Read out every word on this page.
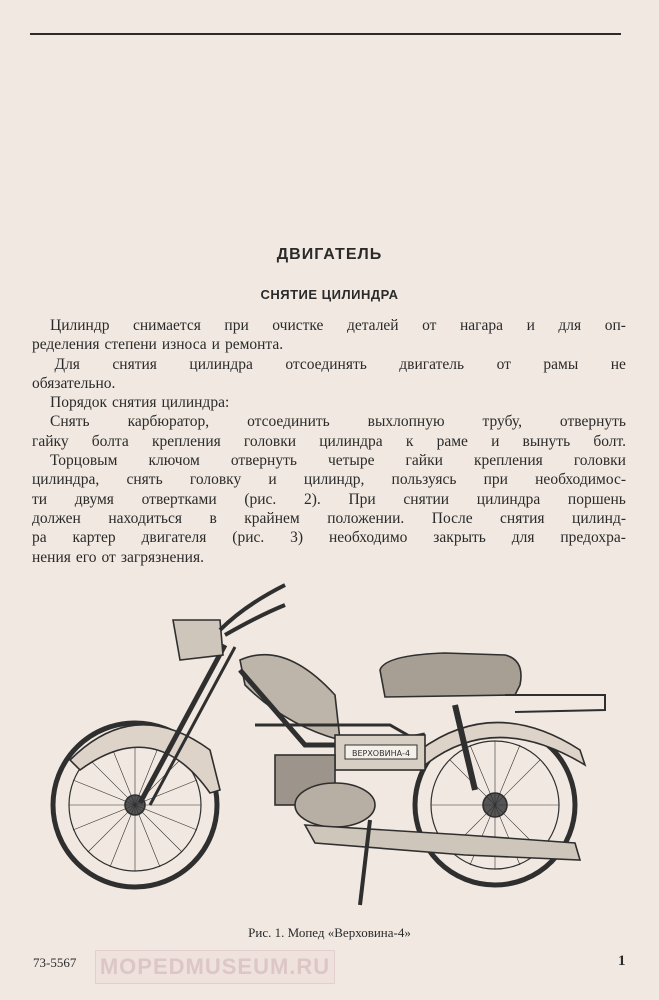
ДВИГАТЕЛЬ
СНЯТИЕ ЦИЛИНДРА
Цилиндр снимается при очистке деталей от нагара и для оп-
ределения степени износа и ремонта.
Для снятия цилиндра отсоединять двигатель от рамы не
обязательно.
Порядок снятия цилиндра:
Снять карбюратор, отсоединить выхлопную трубу, отвернуть
гайку болта крепления головки цилиндра к раме и вынуть болт.
Торцовым ключом отвернуть четыре гайки крепления головки
цилиндра, снять головку и цилиндр, пользуясь при необходимос-
ти двумя отвертками (рис. 2). При снятии цилиндра поршень
должен находиться в крайнем положении. После снятия цилинд-
ра картер двигателя (рис. 3) необходимо закрыть для предохра-
нения его от загрязнения.
ВЕРХОВИНА-4
Рис. 1. Мопед «Верховина-4»
73-5567 MOPEDMUSEUM.RU	1
